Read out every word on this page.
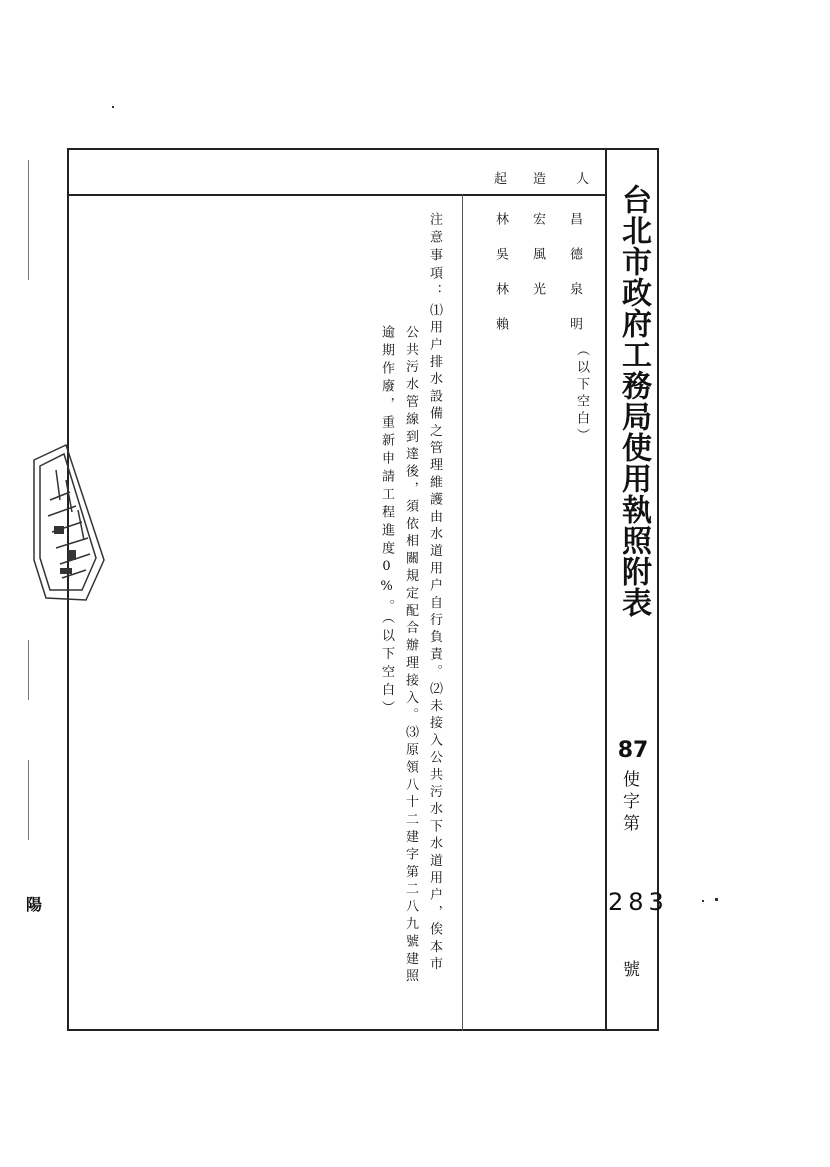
台北市政府工務局使用執照附表
87
使字第
283
號
人
造
起
昌德泉明
宏風光
林吳林賴
（以下空白）
注意事項：
⑴用户排水設備之管理維護由水道用户自行負責。⑵未接入公共污水下水道用户，俟本市
公共污水管線到達後，須依相關規定配合辦理接入。⑶原領八十二建字第二八九號建照
逾期作廢，重新申請工程進度0%。（以下空白）
陽
